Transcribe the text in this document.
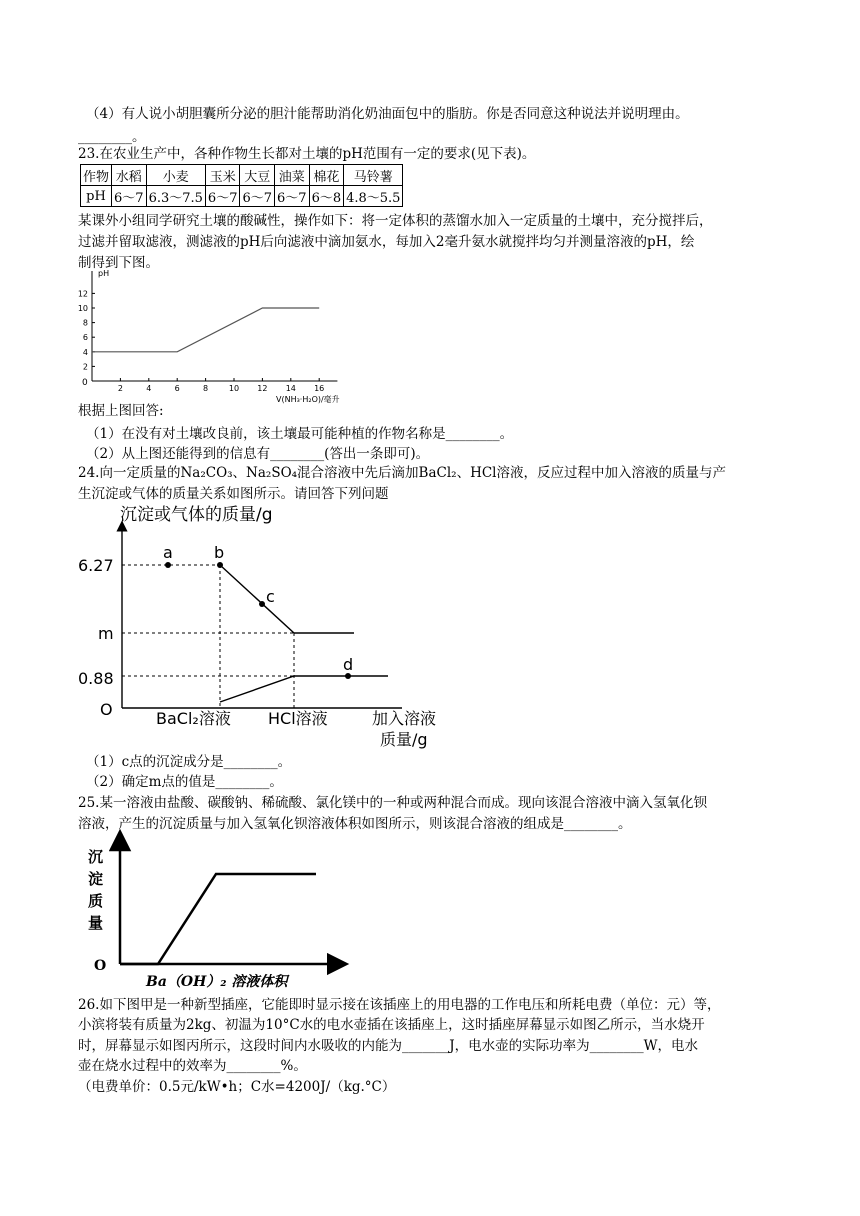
（4）有人说小胡胆囊所分泌的胆汁能帮助消化奶油面包中的脂肪。你是否同意这种说法并说明理由。
________。
23.在农业生产中，各种作物生长都对土壤的pH范围有一定的要求(见下表)。
作物	水稻	小麦	玉米	大豆	油菜	棉花	马铃薯
pH	6～7	6.3～7.5	6～7	6～7	6～7	6～8	4.8～5.5
某课外小组同学研究土壤的酸碱性，操作如下：将一定体积的蒸馏水加入一定质量的土壤中，充分搅拌后，
过滤并留取滤液，测滤液的pH后向滤液中滴加氨水，每加入2毫升氨水就搅拌均匀并测量溶液的pH，绘
制得到下图。
2
4
6
8
10
12
2	4	6	8	10 12 14 16
pH
V(NH₃·H₂O)/毫升
0
根据上图回答:
（1）在没有对土壤改良前，该土壤最可能种植的作物名称是________。
（2）从上图还能得到的信息有________(答出一条即可)。
24.向一定质量的Na₂CO₃、Na₂SO₄混合溶液中先后滴加BaCl₂、HCl溶液，反应过程中加入溶液的质量与产
生沉淀或气体的质量关系如图所示。请回答下列问题
沉淀或气体的质量/g
6.27
m
0.88
O
a	b
c
d
BaCl₂溶液 HCl溶液	加入溶液
质量/g
（1）c点的沉淀成分是________。
（2）确定m点的值是________。
25.某一溶液由盐酸、碳酸钠、稀硫酸、氯化镁中的一种或两种混合而成。现向该混合溶液中滴入氢氧化钡
溶液，产生的沉淀质量与加入氢氧化钡溶液体积如图所示，则该混合溶液的组成是________。
沉
淀
质
量
O
Ba（OH）₂ 溶液体积
26.如下图甲是一种新型插座，它能即时显示接在该插座上的用电器的工作电压和所耗电费（单位：元）等，
小滨将装有质量为2kg、初温为10°C水的电水壶插在该插座上，这时插座屏幕显示如图乙所示，当水烧开
时，屏幕显示如图丙所示，这段时间内水吸收的内能为_______J，电水壶的实际功率为________W，电水
壶在烧水过程中的效率为________%。
（电费单价：0.5元/kW•h；C水=4200J/（kg.°C）
